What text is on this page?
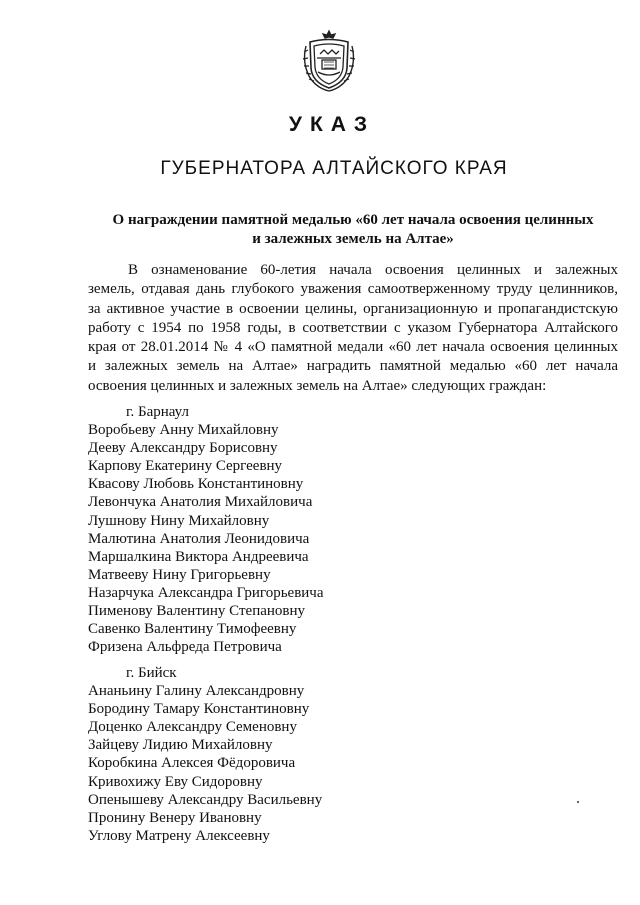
УКАЗ
ГУБЕРНАТОРА АЛТАЙСКОГО КРАЯ
О награждении памятной медалью «60 лет начала освоения целинных
и залежных земель на Алтае»
В ознаменование 60-летия начала освоения целинных и залежных
земель, отдавая дань глубокого уважения самоотверженному труду целинников,
за активное участие в освоении целины, организационную и пропагандистскую
работу с 1954 по 1958 годы, в соответствии с указом Губернатора Алтайского
края от 28.01.2014 № 4 «О памятной медали «60 лет начала освоения целинных
и залежных земель на Алтае» наградить памятной медалью «60 лет начала
освоения целинных и залежных земель на Алтае» следующих граждан:
г. Барнаул
Воробьеву Анну Михайловну
Дееву Александру Борисовну
Карпову Екатерину Сергеевну
Квасову Любовь Константиновну
Левончука Анатолия Михайловича
Лушнову Нину Михайловну
Малютина Анатолия Леонидовича
Маршалкина Виктора Андреевича
Матвееву Нину Григорьевну
Назарчука Александра Григорьевича
Пименову Валентину Степановну
Савенко Валентину Тимофеевну
Фризена Альфреда Петровича
г. Бийск
Ананьину Галину Александровну
Бородину Тамару Константиновну
Доценко Александру Семеновну
Зайцеву Лидию Михайловну
Коробкина Алексея Фёдоровича
Кривохижу Еву Сидоровну
Опенышеву Александру Васильевну
Пронину Венеру Ивановну
Углову Матрену Алексеевну
